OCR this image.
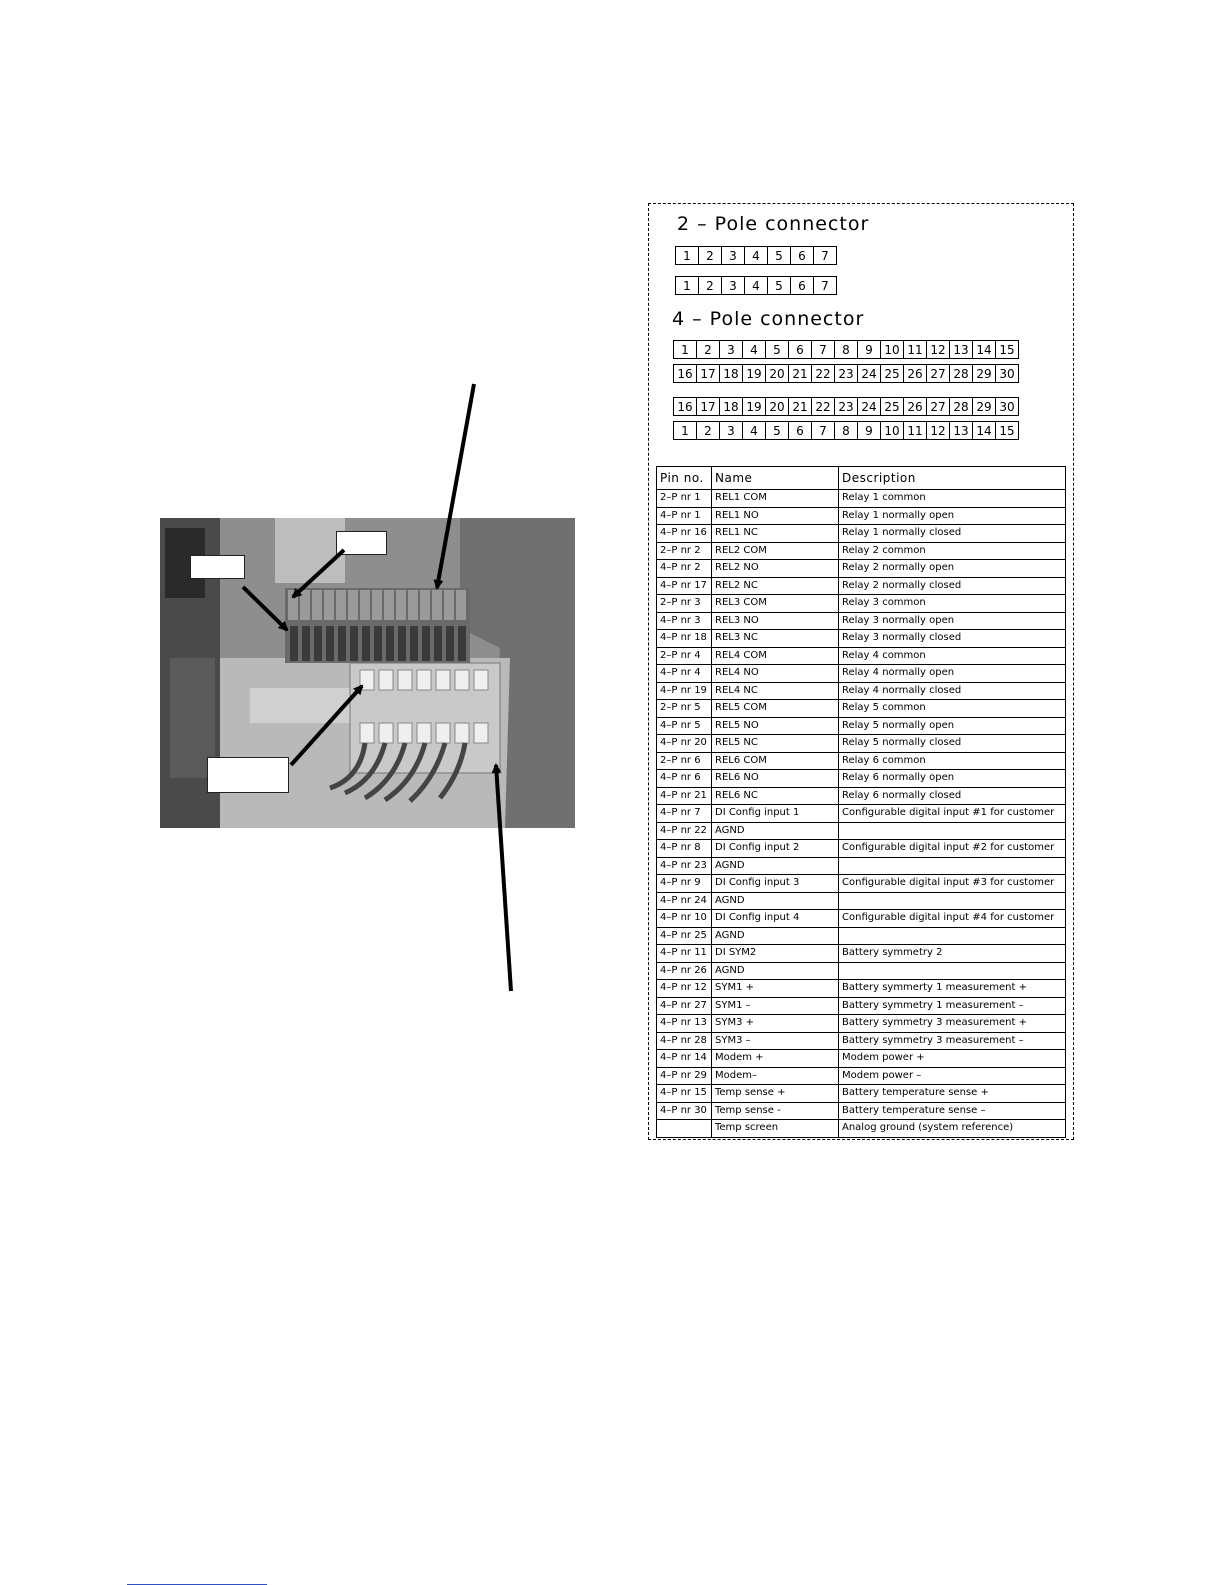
2 – Pole connector
1	2	3	4	5	6	7
1	2	3	4	5	6	7
4 – Pole connector
1	2	3	4	5	6	7	8	9 10 11 12 13 14 15
16 17 18 19 20 21 22 23 24 25 26 27 28 29 30
16 17 18 19 20 21 22 23 24 25 26 27 28 29 30
1	2	3	4	5	6	7	8	9 10 11 12 13 14 15
Pin no.	Name	Description
2–P nr 1	REL1 COM	Relay 1 common
4–P nr 1	REL1 NO	Relay 1 normally open
4–P nr 16	REL1 NC	Relay 1 normally closed
2–P nr 2	REL2 COM	Relay 2 common
4–P nr 2	REL2 NO	Relay 2 normally open
4–P nr 17	REL2 NC	Relay 2 normally closed
2–P nr 3	REL3 COM	Relay 3 common
4–P nr 3	REL3 NO	Relay 3 normally open
4–P nr 18	REL3 NC	Relay 3 normally closed
2–P nr 4	REL4 COM	Relay 4 common
4–P nr 4	REL4 NO	Relay 4 normally open
4–P nr 19	REL4 NC	Relay 4 normally closed
2–P nr 5	REL5 COM	Relay 5 common
4–P nr 5	REL5 NO	Relay 5 normally open
4–P nr 20	REL5 NC	Relay 5 normally closed
2–P nr 6	REL6 COM	Relay 6 common
4–P nr 6	REL6 NO	Relay 6 normally open
4–P nr 21	REL6 NC	Relay 6 normally closed
4–P nr 7	DI Config input 1	Configurable digital input #1 for customer
4–P nr 22	AGND	
4–P nr 8	DI Config input 2	Configurable digital input #2 for customer
4–P nr 23	AGND	
4–P nr 9	DI Config input 3	Configurable digital input #3 for customer
4–P nr 24	AGND	
4–P nr 10	DI Config input 4	Configurable digital input #4 for customer
4–P nr 25	AGND	
4–P nr 11	DI SYM2	Battery symmetry 2
4–P nr 26	AGND	
4–P nr 12	SYM1 +	Battery symmerty 1 measurement +
4–P nr 27	SYM1 –	Battery symmetry 1 measurement –
4–P nr 13	SYM3 +	Battery symmetry 3 measurement +
4–P nr 28	SYM3 –	Battery symmetry 3 measurement –
4–P nr 14	Modem +	Modem power +
4–P nr 29	Modem–	Modem power –
4–P nr 15	Temp sense +	Battery temperature sense +
4–P nr 30	Temp sense -	Battery temperature sense –
	Temp screen	Analog ground (system reference)
